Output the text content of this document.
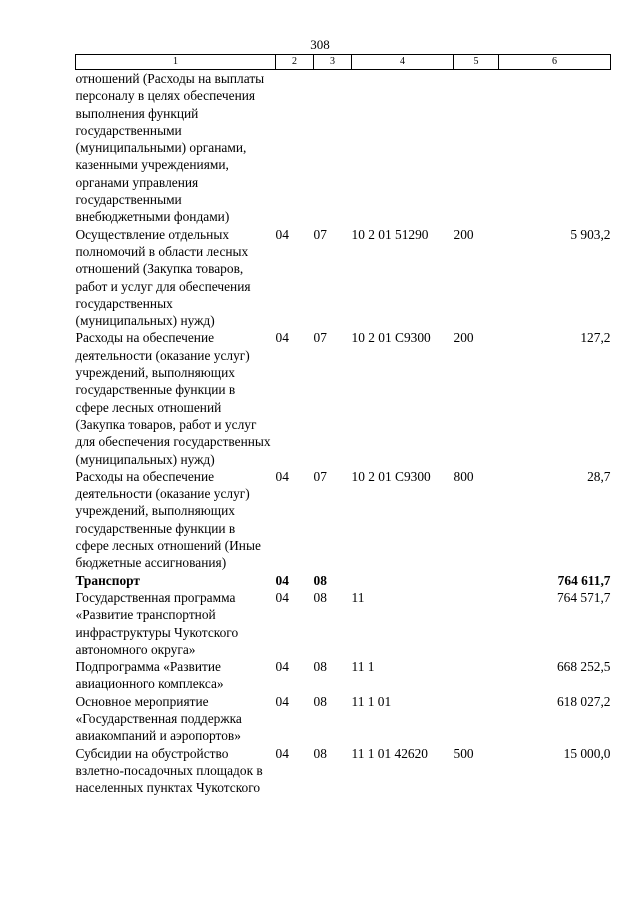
308
1	2	3	4	5	6
отношений (Расходы на выплаты персоналу в целях обеспечения выполнения функций государственными (муниципальными) органами, казенными учреждениями, органами управления государственными внебюджетными фондами)					
Осуществление отдельных полномочий в области лесных отношений (Закупка товаров, работ и услуг для обеспечения государственных (муниципальных) нужд)	04	07	10 2 01 51290	200	5 903,2
Расходы на обеспечение деятельности (оказание услуг) учреждений, выполняющих государственные функции в сфере лесных отношений (Закупка товаров, работ и услуг для обеспечения государственных (муниципальных) нужд)	04	07	10 2 01 С9300	200	127,2
Расходы на обеспечение деятельности (оказание услуг) учреждений, выполняющих государственные функции в сфере лесных отношений (Иные бюджетные ассигнования)	04	07	10 2 01 С9300	800	28,7
Транспорт	04	08			764 611,7
Государственная программа «Развитие транспортной инфраструктуры Чукотского автономного округа»	04	08	11		764 571,7
Подпрограмма «Развитие авиационного комплекса»	04	08	11 1		668 252,5
Основное мероприятие «Государственная поддержка авиакомпаний и аэропортов»	04	08	11 1 01		618 027,2
Субсидии на обустройство взлетно-посадочных площадок в населенных пунктах Чукотского	04	08	11 1 01 42620	500	15 000,0
